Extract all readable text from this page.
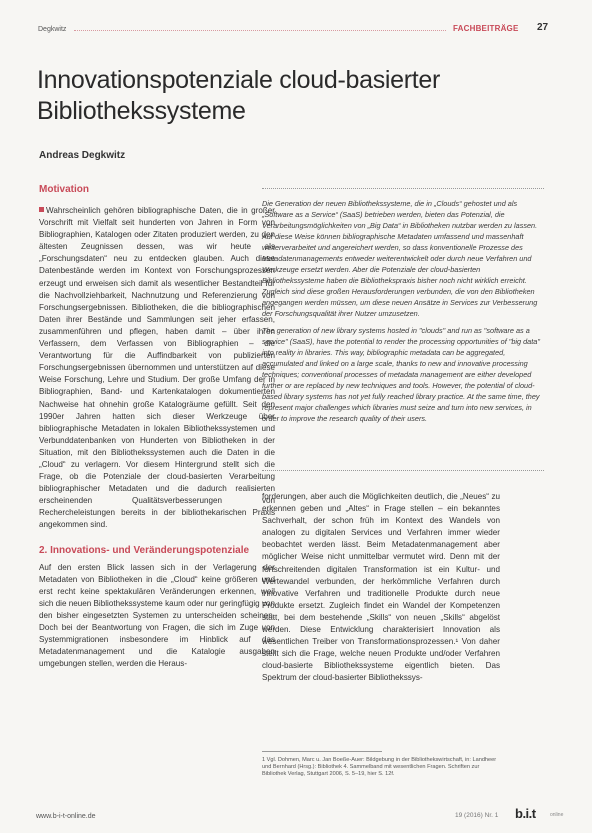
Degkwitz	FACHBEITRÄGE 27
Innovationspotenziale cloud-basierter Bibliothekssysteme
Andreas Degkwitz
Motivation

Wahrscheinlich gehören bibliographische Daten, die in großer Vorschrift mit Vielfalt seit hunderten von Jahren in Form von Bibliographien, Katalogen oder Zitaten produziert werden, zu den ältesten Zeugnissen dessen, was wir heute als „Forschungsdaten“ neu zu entdecken glauben. Auch diese Datenbestände werden im Kontext von Forschungsprozessen erzeugt und erweisen sich damit als wesentlicher Bestandteil für die Nachvollziehbarkeit, Nachnutzung und Referenzierung von Forschungsergebnissen. Bibliotheken, die die bibliographischen Daten ihrer Bestände und Sammlungen seit jeher erfassen, zusammenführen und pflegen, haben damit – über ihren Verfassern, dem Verfassen von Bibliographien – die Verantwortung für die Auffindbarkeit von publizierten Forschungsergebnissen übernommen und unterstützen auf diese Weise Forschung, Lehre und Studium. Der große Umfang der in Bibliographien, Band- und Kartenkatalogen dokumentierten Nachweise hat ohnehin große Katalogräume gefüllt. Seit den 1990er Jahren hatten sich dieser Werkzeuge über bibliographische Metadaten in lokalen Bibliothekssystemen und Verbunddatenbanken von Hunderten von Bibliotheken in der Situation, mit den Bibliothekssystemen auch die Daten in die „Cloud“ zu verlagern. Vor diesem Hintergrund stellt sich die Frage, ob die Potenziale der cloud-basierten Verarbeitung bibliographischer Metadaten und die dadurch realisierten erscheinenden Qualitätsverbesserungen von Rechercheleistungen bereits in der bibliothekarischen Praxis angekommen sind.

2. Innovations- und Veränderungspotenziale

Auf den ersten Blick lassen sich in der Verlagerung der Metadaten von Bibliotheken in die „Cloud“ keine größeren und erst recht keine spektakulären Veränderungen erkennen, weil sich die neuen Bibliothekssysteme kaum oder nur geringfügig von den bisher eingesetzten Systemen zu unterscheiden scheinen. Doch bei der Beantwortung von Fragen, die sich im Zuge von Systemmigrationen insbesondere im Hinblick auf das Metadatenmanagement und die Katalogie ausgaben umgebungen stellen, werden die Heraus-

Die Generation der neuen Bibliothekssysteme, die in „Clouds“ gehostet und als „Software as a Service“ (SaaS) betrieben werden, bieten das Potenzial, die Verarbeitungsmöglichkeiten von „Big Data“ in Bibliotheken nutzbar werden zu lassen. Auf diese Weise können bibliographische Metadaten umfassend und massenhaft weiterverarbeitet und angereichert werden, so dass konventionelle Prozesse des Metadatenmanagements entweder weiterentwickelt oder durch neue Verfahren und Werkzeuge ersetzt werden. Aber die Potenziale der cloud-basierten Bibliothekssysteme haben die Bibliothekspraxis bisher noch nicht wirklich erreicht. Zugleich sind diese großen Herausforderungen verbunden, die von den Bibliotheken angegangen werden müssen, um diese neuen Ansätze in Services zur Verbesserung der Forschungsqualität ihrer Nutzer umzusetzen.

The generation of new library systems hosted in "clouds" and run as "software as a service" (SaaS), have the potential to render the processing opportunities of "big data" into reality in libraries. This way, bibliographic metadata can be aggregated, accumulated and linked on a large scale, thanks to new and innovative processing techniques; conventional processes of metadata management are either developed further or are replaced by new techniques and tools. However, the potential of cloud-based library systems has not yet fully reached library practice. At the same time, they represent major challenges which libraries must seize and turn into new services, in order to improve the research quality of their users.

forderungen, aber auch die Möglichkeiten deutlich, die „Neues“ zu erkennen geben und „Altes“ in Frage stellen – ein bekanntes Sachverhalt, der schon früh im Kontext des Wandels von analogen zu digitalen Services und Verfahren immer wieder beobachtet werden lässt. Beim Metadatenmanagement aber möglicher Weise nicht unmittelbar vermutet wird. Denn mit der fortschreitenden digitalen Transformation ist ein Kultur- und Wertewandel verbunden, der herkömmliche Verfahren durch innovative Verfahren und traditionelle Produkte durch neue Produkte ersetzt. Zugleich findet ein Wandel der Kompetenzen statt, bei dem bestehende „Skills“ von neuen „Skills“ abgelöst werden. Diese Entwicklung charakterisiert Innovation als wesentlichen Treiber von Transformationsprozessen.¹ Von daher stellt sich die Frage, welche neuen Produkte und/oder Verfahren cloud-basierte Bibliothekssysteme eigentlich bieten. Das Spektrum der cloud-basierter Bibliothekssys-

1 Vgl. Dohmen, Marc u. Jan Boeße-Auer: Bildgebung in der Bibliothekswirtschaft, in: Landheer und Bernhard (Hrsg.): Bibliothek 4. Sammelband mit wesentlichen Fragen. Schriften zur Bibliothek Verlag, Stuttgart 2006, S. 5–19, hier S. 12f.
www.b-i-t-online.de	19 (2016) Nr. 1 b.i.t	online
